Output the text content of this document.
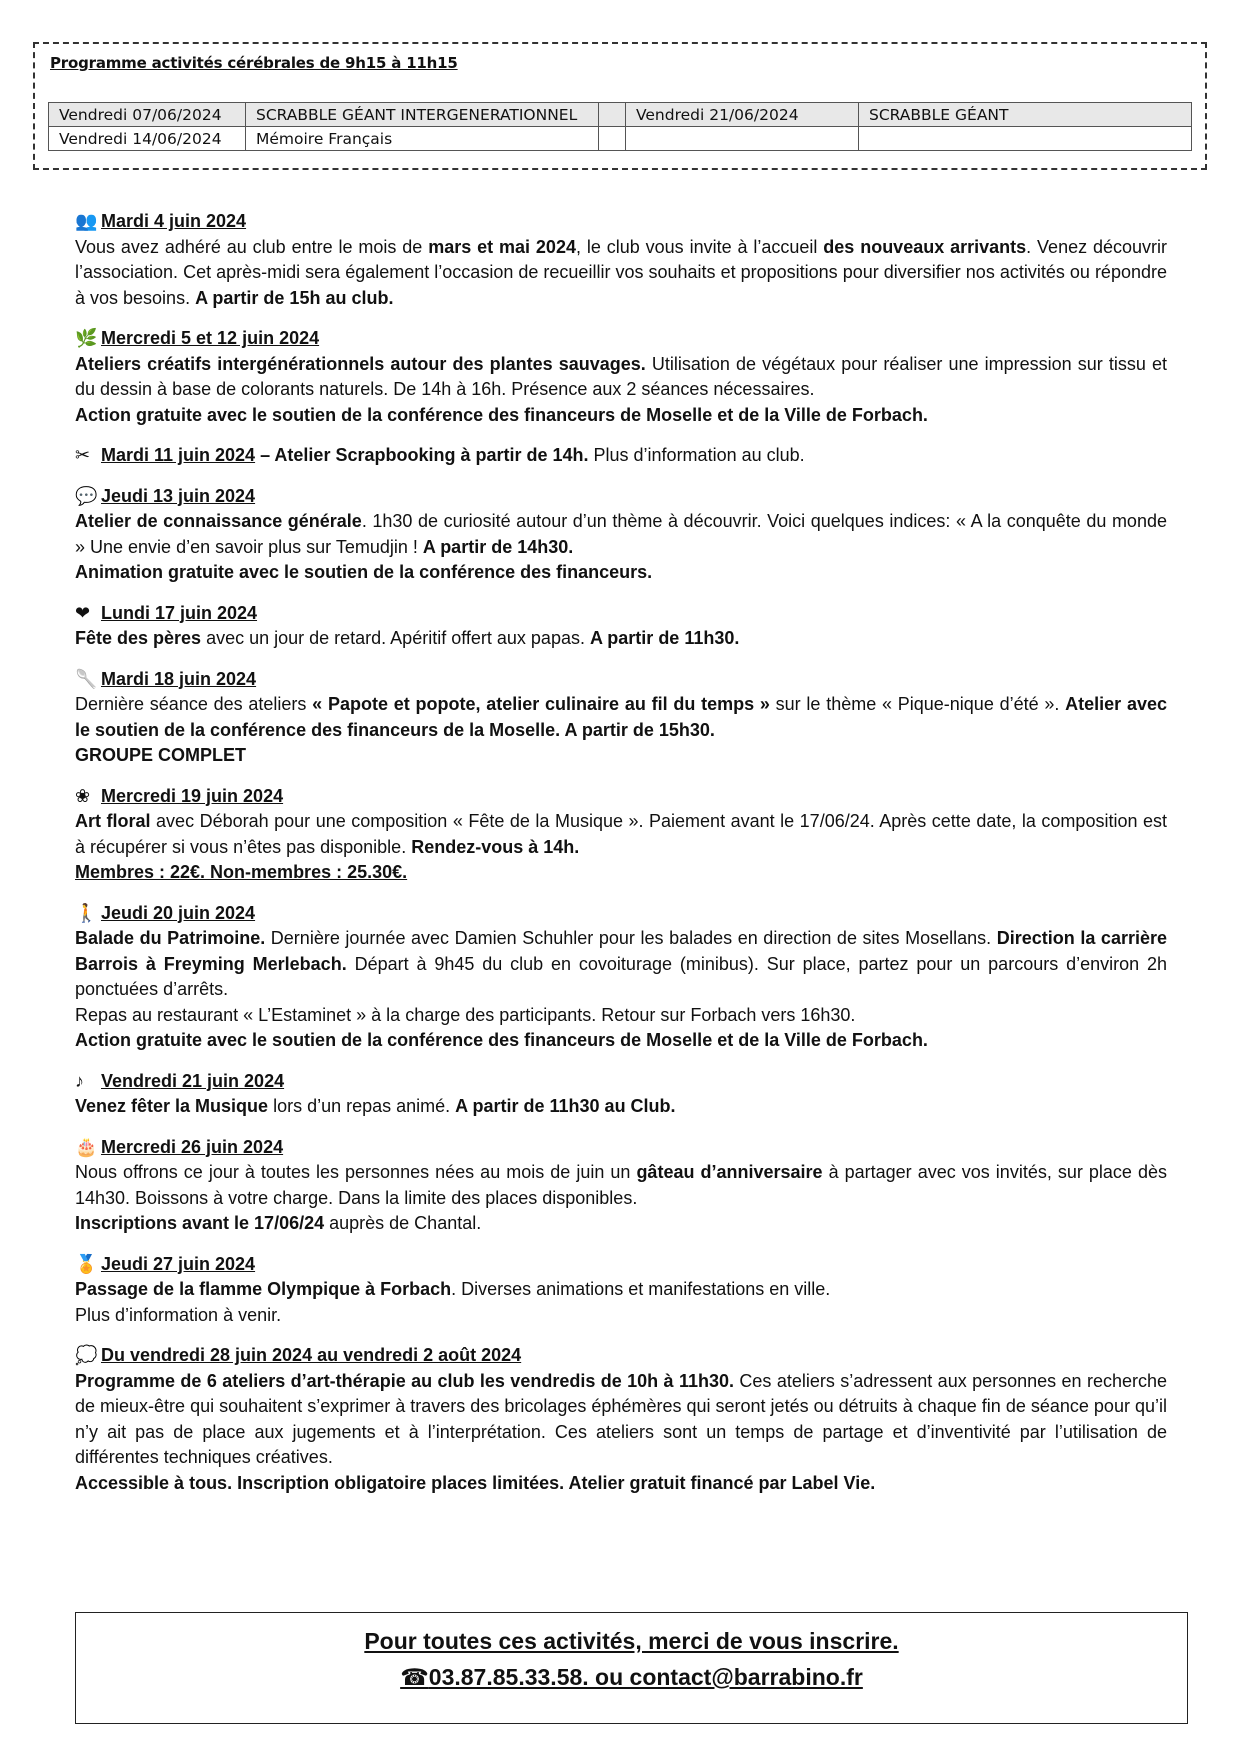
Programme activités cérébrales de 9h15 à 11h15
Vendredi 07/06/2024	SCRABBLE GÉANT INTERGENERATIONNEL		Vendredi 21/06/2024	SCRABBLE GÉANT
Vendredi 14/06/2024	Mémoire Français			

👥 Mardi 4 juin 2024

Vous avez adhéré au club entre le mois de mars et mai 2024, le club vous invite à l’accueil des nouveaux arrivants. Venez découvrir l’association. Cet après-midi sera également l’occasion de recueillir vos souhaits et propositions pour diversifier nos activités ou répondre à vos besoins. A partir de 15h au club.

🌿 Mercredi 5 et 12 juin 2024

Ateliers créatifs intergénérationnels autour des plantes sauvages. Utilisation de végétaux pour réaliser une impression sur tissu et du dessin à base de colorants naturels. De 14h à 16h. Présence aux 2 séances nécessaires.

Action gratuite avec le soutien de la conférence des financeurs de Moselle et de la Ville de Forbach.

✂ Mardi 11 juin 2024 – Atelier Scrapbooking à partir de 14h. Plus d’information au club.

💬 Jeudi 13 juin 2024

Atelier de connaissance générale. 1h30 de curiosité autour d’un thème à découvrir. Voici quelques indices: « A la conquête du monde » Une envie d’en savoir plus sur Temudjin ! A partir de 14h30.

Animation gratuite avec le soutien de la conférence des financeurs.

❤ Lundi 17 juin 2024

Fête des pères avec un jour de retard. Apéritif offert aux papas. A partir de 11h30.

🥄 Mardi 18 juin 2024

Dernière séance des ateliers « Papote et popote, atelier culinaire au fil du temps » sur le thème « Pique-nique d’été ». Atelier avec le soutien de la conférence des financeurs de la Moselle. A partir de 15h30.

GROUPE COMPLET

❀ Mercredi 19 juin 2024

Art floral avec Déborah pour une composition « Fête de la Musique ». Paiement avant le 17/06/24. Après cette date, la composition est à récupérer si vous n’êtes pas disponible. Rendez-vous à 14h.

Membres : 22€. Non-membres : 25.30€.

🚶 Jeudi 20 juin 2024

Balade du Patrimoine. Dernière journée avec Damien Schuhler pour les balades en direction de sites Mosellans. Direction la carrière Barrois à Freyming Merlebach. Départ à 9h45 du club en covoiturage (minibus). Sur place, partez pour un parcours d’environ 2h ponctuées d’arrêts.

Repas au restaurant « L’Estaminet » à la charge des participants. Retour sur Forbach vers 16h30.

Action gratuite avec le soutien de la conférence des financeurs de Moselle et de la Ville de Forbach.

♪ Vendredi 21 juin 2024

Venez fêter la Musique lors d’un repas animé. A partir de 11h30 au Club.

🎂 Mercredi 26 juin 2024

Nous offrons ce jour à toutes les personnes nées au mois de juin un gâteau d’anniversaire à partager avec vos invités, sur place dès 14h30. Boissons à votre charge. Dans la limite des places disponibles.

Inscriptions avant le 17/06/24 auprès de Chantal.

🏅 Jeudi 27 juin 2024

Passage de la flamme Olympique à Forbach. Diverses animations et manifestations en ville.

Plus d’information à venir.

💭 Du vendredi 28 juin 2024 au vendredi 2 août 2024

Programme de 6 ateliers d’art-thérapie au club les vendredis de 10h à 11h30. Ces ateliers s’adressent aux personnes en recherche de mieux-être qui souhaitent s’exprimer à travers des bricolages éphémères qui seront jetés ou détruits à chaque fin de séance pour qu’il n’y ait pas de place aux jugements et à l’interprétation. Ces ateliers sont un temps de partage et d’inventivité par l’utilisation de différentes techniques créatives.

Accessible à tous. Inscription obligatoire places limitées. Atelier gratuit financé par Label Vie.

Pour toutes ces activités, merci de vous inscrire.
☎03.87.85.33.58. ou contact@barrabino.fr
